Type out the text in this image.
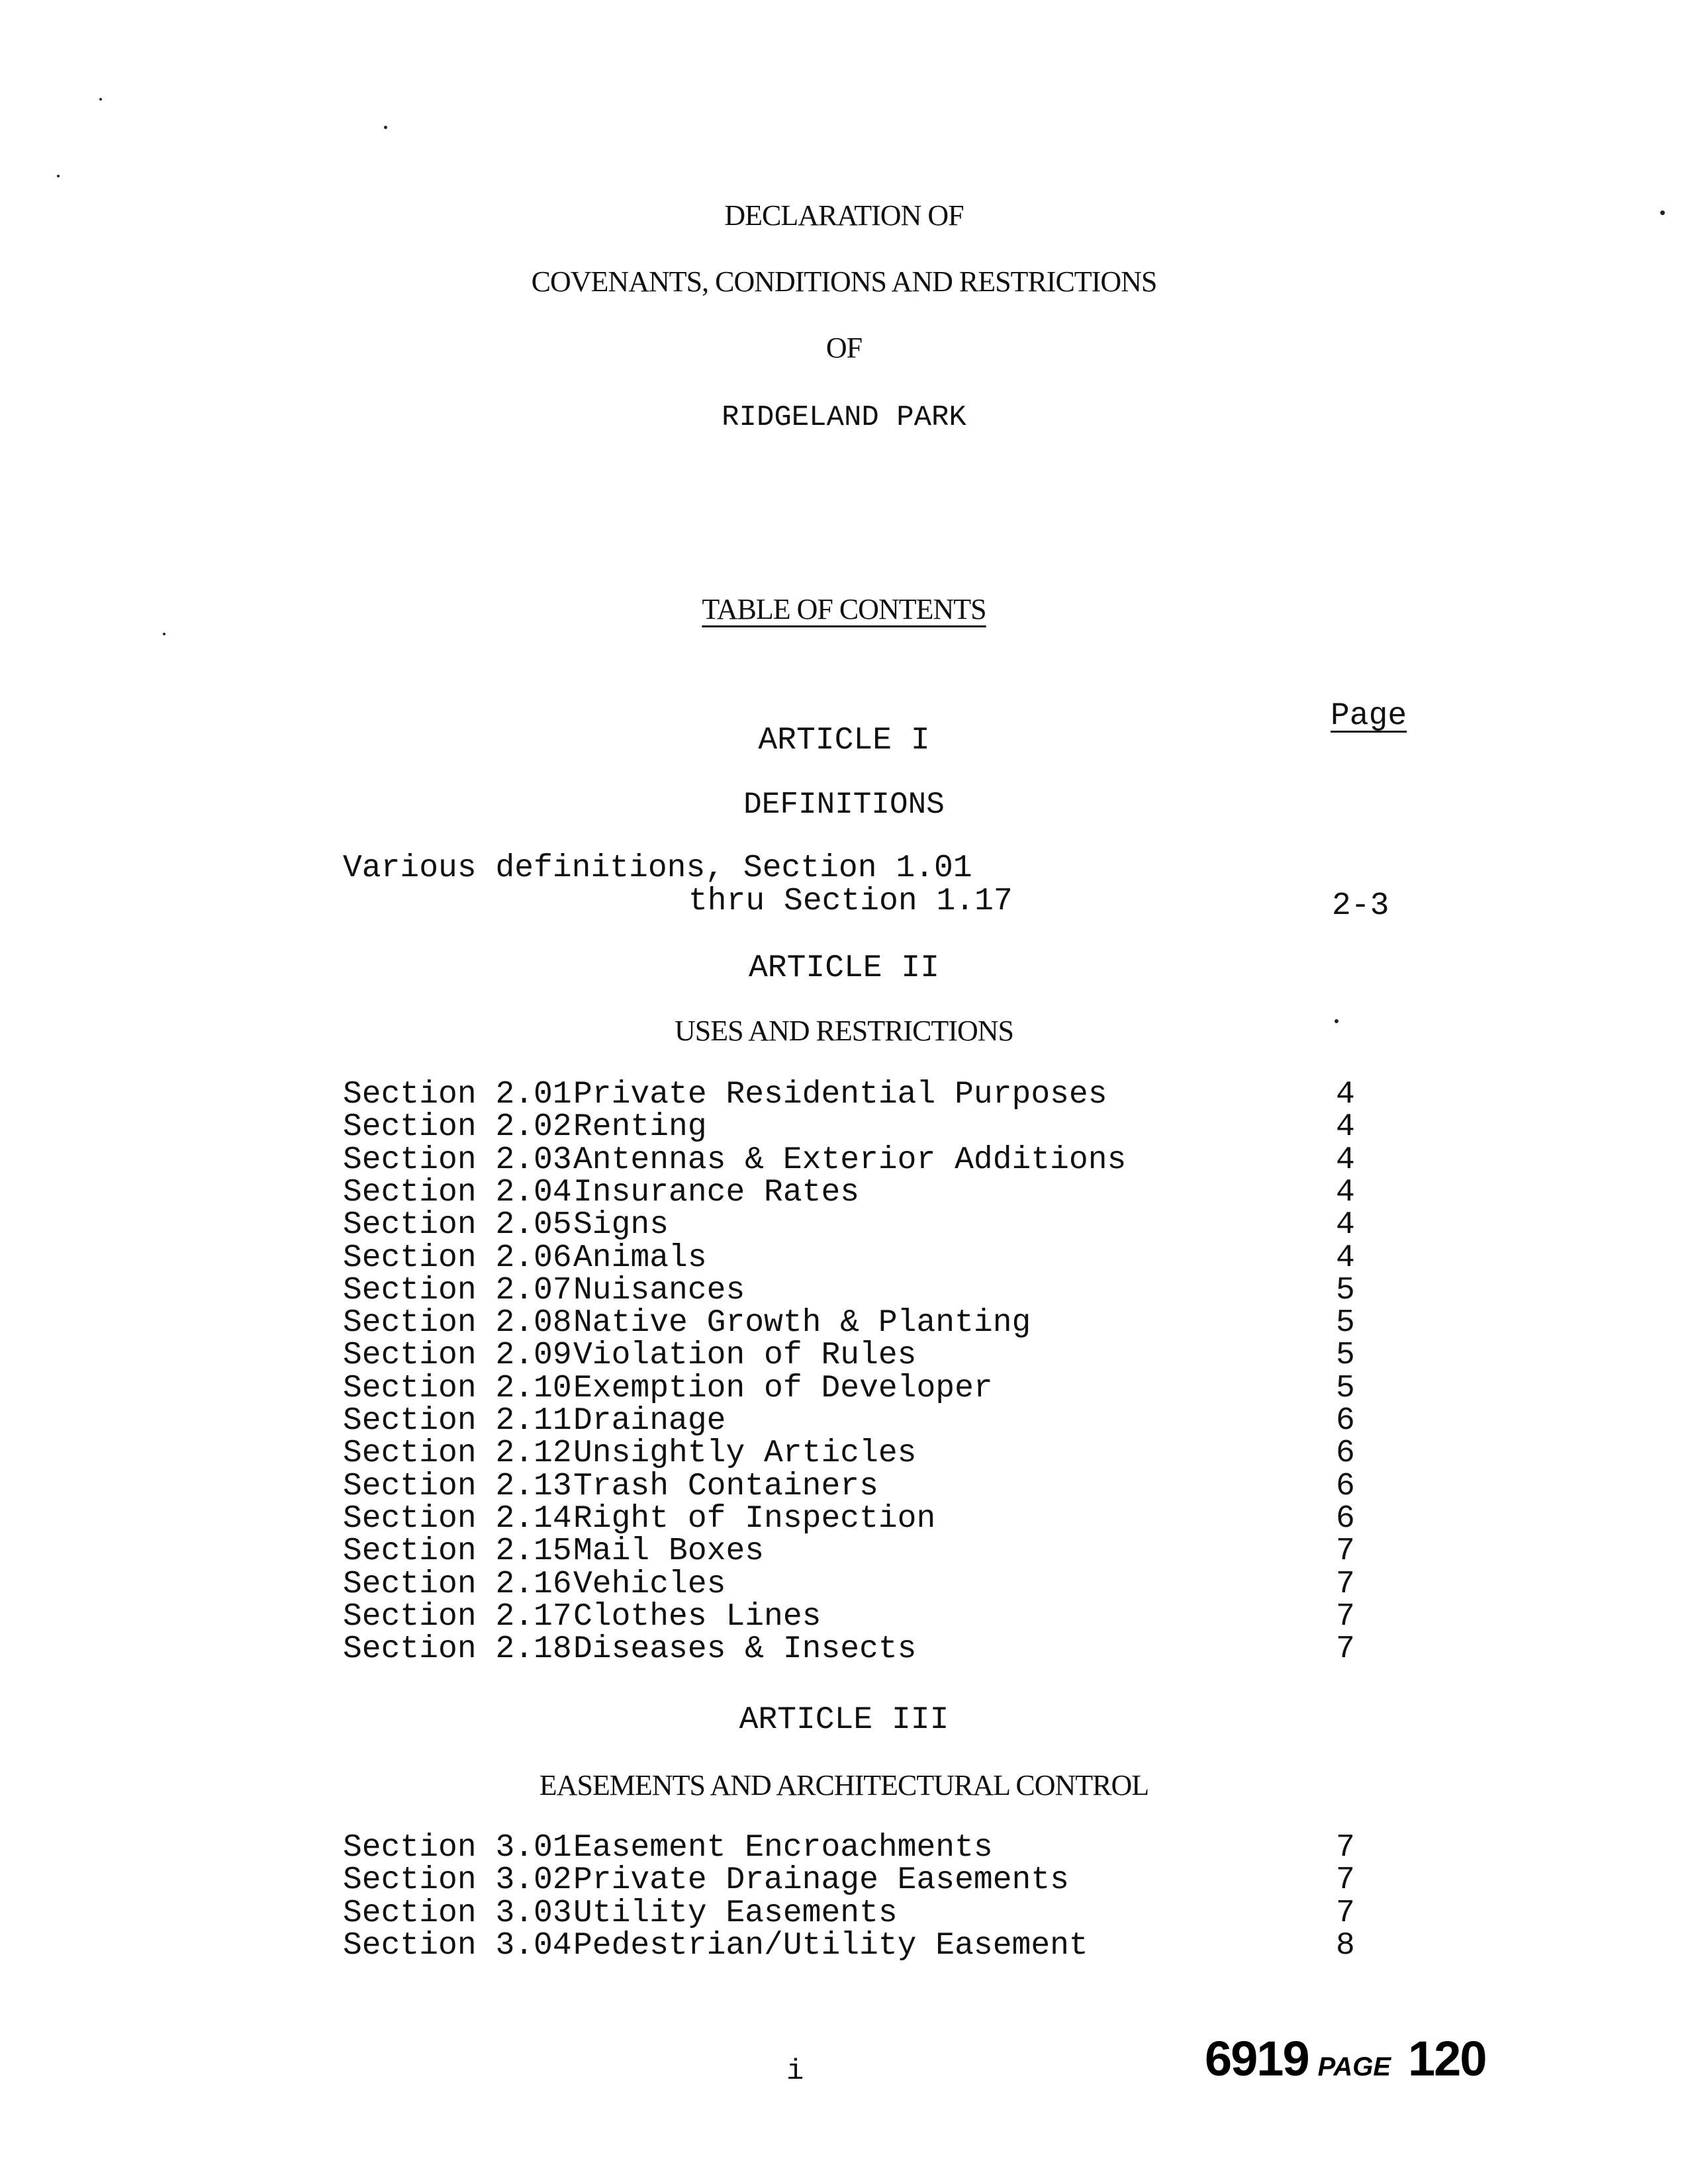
DECLARATION OF
COVENANTS, CONDITIONS AND RESTRICTIONS
OF
RIDGELAND PARK
TABLE OF CONTENTS
Page
ARTICLE I
DEFINITIONS
Various definitions, Section 1.01
thru Section 1.17	2-3
ARTICLE II
USES AND RESTRICTIONS
Section 2.01 Private Residential Purposes	4
Section 2.02 Renting	4
Section 2.03 Antennas & Exterior Additions	4
Section 2.04 Insurance Rates	4
Section 2.05 Signs	4
Section 2.06 Animals	4
Section 2.07 Nuisances	5
Section 2.08 Native Growth & Planting	5
Section 2.09 Violation of Rules	5
Section 2.10 Exemption of Developer	5
Section 2.11 Drainage	6
Section 2.12 Unsightly Articles	6
Section 2.13 Trash Containers	6
Section 2.14 Right of Inspection	6
Section 2.15 Mail Boxes	7
Section 2.16 Vehicles	7
Section 2.17 Clothes Lines	7
Section 2.18 Diseases & Insects	7
ARTICLE III
EASEMENTS AND ARCHITECTURAL CONTROL
Section 3.01 Easement Encroachments	7
Section 3.02 Private Drainage Easements	7
Section 3.03 Utility Easements	7
Section 3.04 Pedestrian/Utility Easement	8
i	6919 PAGE 120
